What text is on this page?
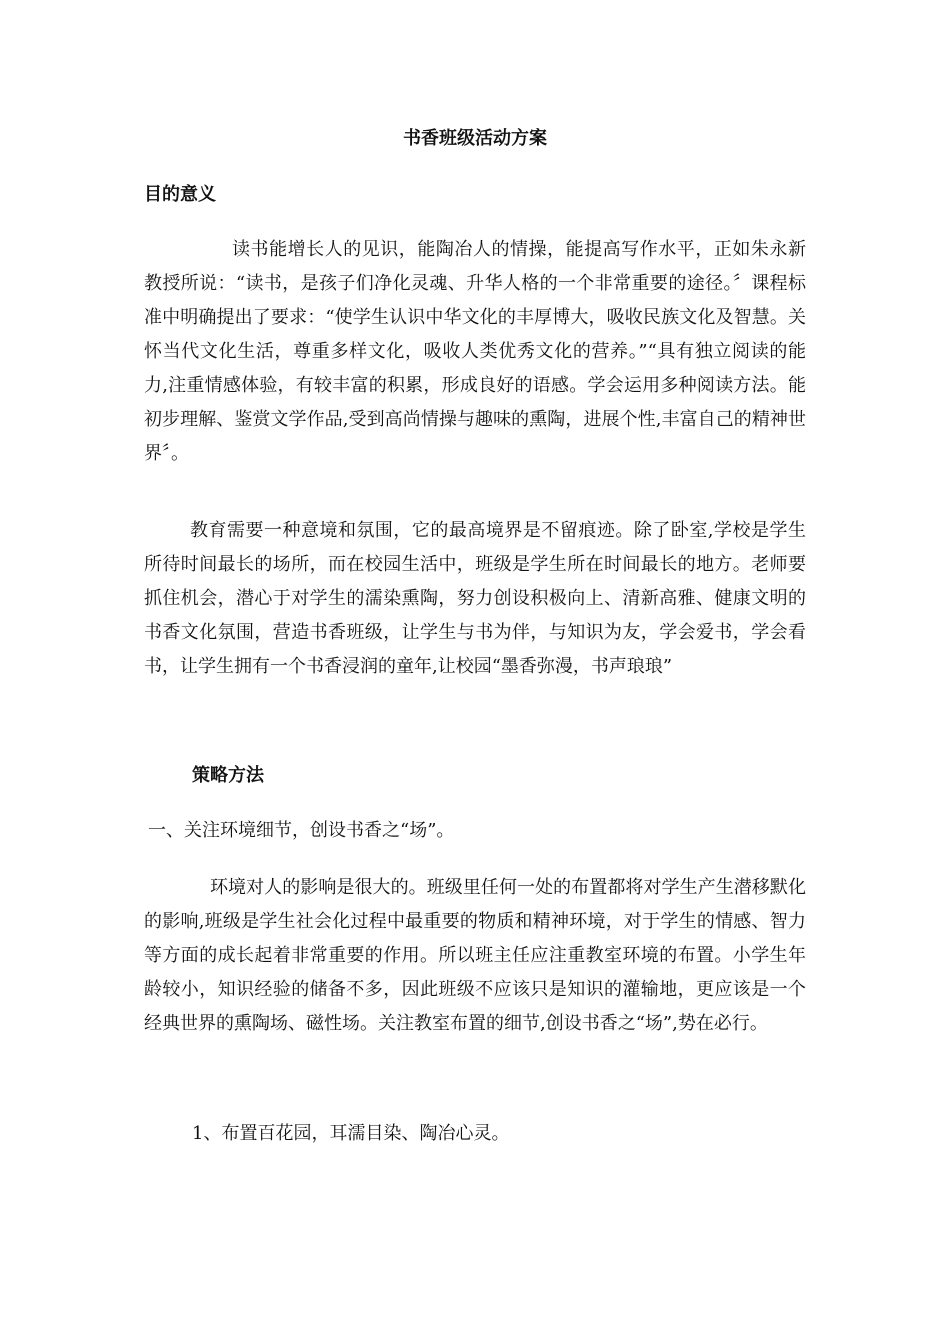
书香班级活动方案
目的意义

读书能增长人的见识，能陶冶人的情操，能提高写作水平，正如朱永新教授所说：“读书，是孩子们净化灵魂、升华人格的一个非常重要的途径。〞课程标准中明确提出了要求：“使学生认识中华文化的丰厚博大，吸收民族文化及智慧。关怀当代文化生活，尊重多样文化，吸收人类优秀文化的营养。”“具有独立阅读的能力,注重情感体验，有较丰富的积累，形成良好的语感。学会运用多种阅读方法。能初步理解、鉴赏文学作品,受到高尚情操与趣味的熏陶，进展个性,丰富自己的精神世界〞。

教育需要一种意境和氛围，它的最高境界是不留痕迹。除了卧室,学校是学生所待时间最长的场所，而在校园生活中，班级是学生所在时间最长的地方。老师要抓住机会，潜心于对学生的濡染熏陶，努力创设积极向上、清新高雅、健康文明的书香文化氛围，营造书香班级，让学生与书为伴，与知识为友，学会爱书，学会看书，让学生拥有一个书香浸润的童年,让校园“墨香弥漫，书声琅琅”

策略方法

一、关注环境细节，创设书香之“场”。

环境对人的影响是很大的。班级里任何一处的布置都将对学生产生潜移默化的影响,班级是学生社会化过程中最重要的物质和精神环境，对于学生的情感、智力等方面的成长起着非常重要的作用。所以班主任应注重教室环境的布置。小学生年龄较小，知识经验的储备不多，因此班级不应该只是知识的灌输地，更应该是一个经典世界的熏陶场、磁性场。关注教室布置的细节,创设书香之“场”,势在必行。

1、布置百花园，耳濡目染、陶冶心灵。
